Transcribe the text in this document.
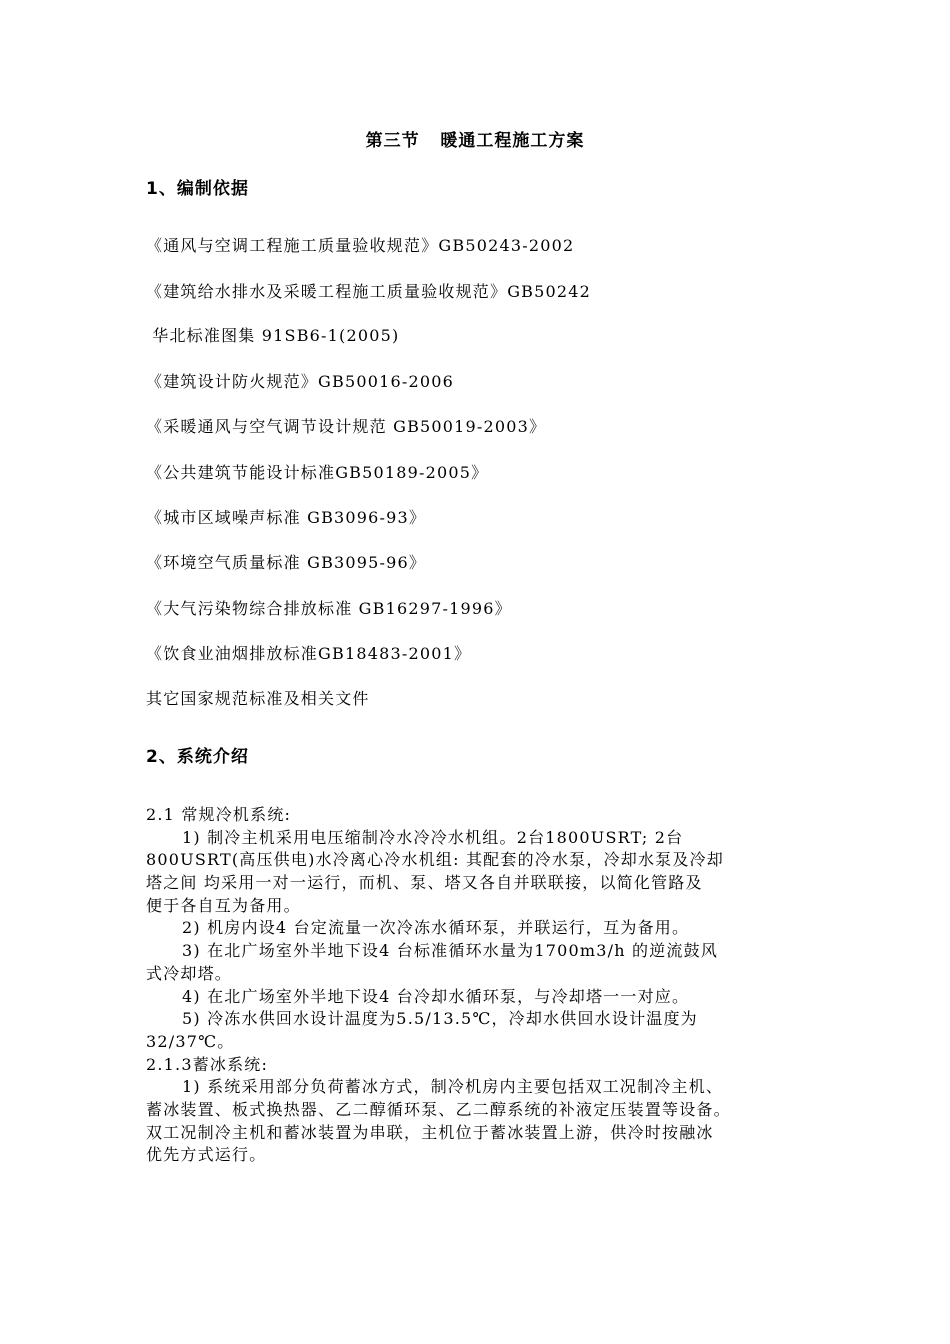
第三节   暖通工程施工方案
1、编制依据
《通风与空调工程施工质量验收规范》GB50243-2002
《建筑给水排水及采暖工程施工质量验收规范》GB50242
华北标准图集 91SB6-1(2005)
《建筑设计防火规范》GB50016-2006
《采暖通风与空气调节设计规范 GB50019-2003》
《公共建筑节能设计标准GB50189-2005》
《城市区域噪声标准 GB3096-93》
《环境空气质量标准 GB3095-96》
《大气污染物综合排放标准 GB16297-1996》
《饮食业油烟排放标准GB18483-2001》
其它国家规范标准及相关文件
2、系统介绍
2.1 常规冷机系统:
1) 制冷主机采用电压缩制冷水冷冷水机组。2台1800USRT; 2台
800USRT(高压供电)水冷离心冷水机组: 其配套的冷水泵，冷却水泵及冷却
塔之间 均采用一对一运行，而机、泵、塔又各自并联联接，以简化管路及
便于各自互为备用。
2) 机房内设4 台定流量一次冷冻水循环泵，并联运行，互为备用。
3) 在北广场室外半地下设4 台标准循环水量为1700m3/h 的逆流鼓风
式冷却塔。
4) 在北广场室外半地下设4 台冷却水循环泵，与冷却塔一一对应。
5) 冷冻水供回水设计温度为5.5/13.5℃，冷却水供回水设计温度为
32/37℃。
2.1.3蓄冰系统:
1) 系统采用部分负荷蓄冰方式，制冷机房内主要包括双工况制冷主机、
蓄冰装置、板式换热器、乙二醇循环泵、乙二醇系统的补液定压装置等设备。
双工况制冷主机和蓄冰装置为串联，主机位于蓄冰装置上游，供冷时按融冰
优先方式运行。
